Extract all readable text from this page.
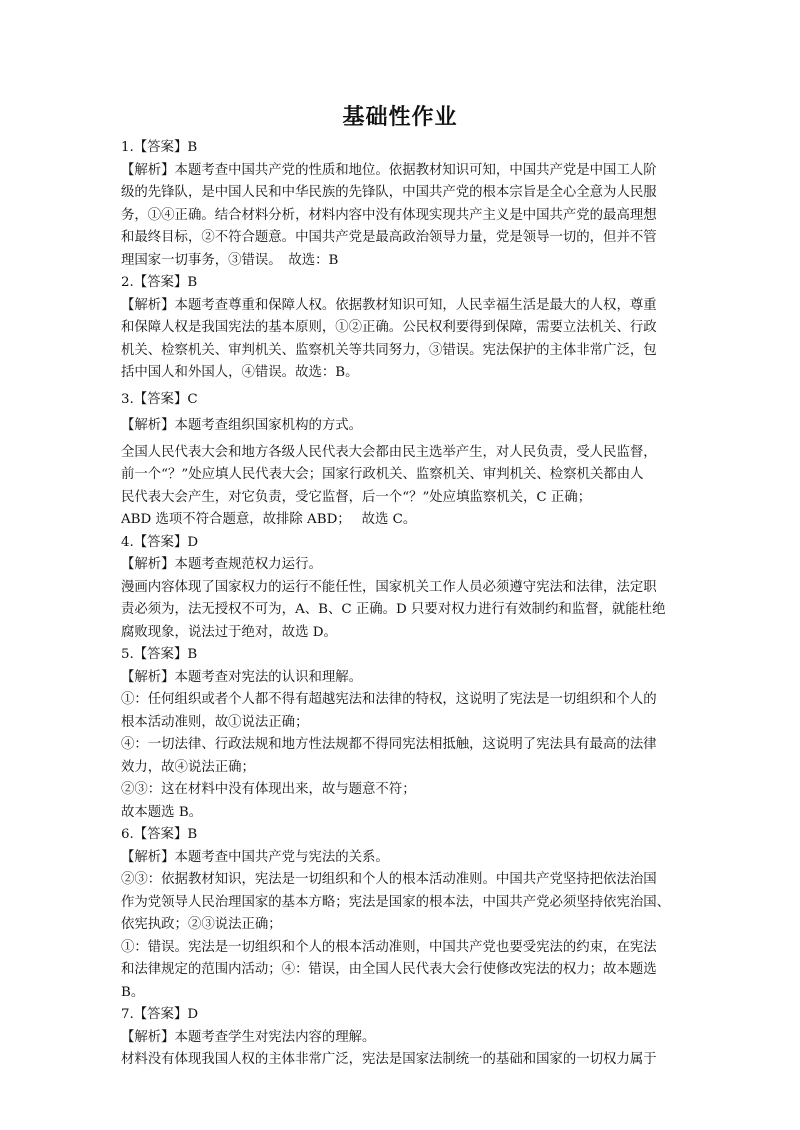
基础性作业
1.【答案】B
【解析】本题考查中国共产党的性质和地位。依据教材知识可知，中国共产党是中国工人阶
级的先锋队，是中国人民和中华民族的先锋队，中国共产党的根本宗旨是全心全意为人民服
务，①④正确。结合材料分析，材料内容中没有体现实现共产主义是中国共产党的最高理想
和最终目标，②不符合题意。中国共产党是最高政治领导力量，党是领导一切的，但并不管
理国家一切事务，③错误。　故选：B
2.【答案】B
【解析】本题考查尊重和保障人权。依据教材知识可知，人民幸福生活是最大的人权，尊重
和保障人权是我国宪法的基本原则，①②正确。公民权利要得到保障，需要立法机关、行政
机关、检察机关、审判机关、监察机关等共同努力，③错误。宪法保护的主体非常广泛，包
括中国人和外国人，④错误。故选：B。
3.【答案】C
【解析】本题考查组织国家机构的方式。
全国人民代表大会和地方各级人民代表大会都由民主选举产生，对人民负责，受人民监督，
前一个“？”处应填人民代表大会；国家行政机关、监察机关、审判机关、检察机关都由人
民代表大会产生，对它负责，受它监督，后一个“？”处应填监察机关，C 正确；
ABD 选项不符合题意，故排除 ABD；　 故选 C。
4.【答案】D
【解析】本题考查规范权力运行。
漫画内容体现了国家权力的运行不能任性，国家机关工作人员必须遵守宪法和法律，法定职
责必须为，法无授权不可为，A、B、C 正确。D 只要对权力进行有效制约和监督，就能杜绝
腐败现象，说法过于绝对，故选 D。
5.【答案】B
【解析】本题考查对宪法的认识和理解。
①：任何组织或者个人都不得有超越宪法和法律的特权，这说明了宪法是一切组织和个人的
根本活动准则，故①说法正确；
④：一切法律、行政法规和地方性法规都不得同宪法相抵触，这说明了宪法具有最高的法律
效力，故④说法正确；
②③：这在材料中没有体现出来，故与题意不符；
故本题选 B。
6.【答案】B
【解析】本题考查中国共产党与宪法的关系。
②③：依据教材知识，宪法是一切组织和个人的根本活动准则。中国共产党坚持把依法治国
作为党领导人民治理国家的基本方略；宪法是国家的根本法，中国共产党必须坚持依宪治国、
依宪执政；②③说法正确；
①：错误。宪法是一切组织和个人的根本活动准则，中国共产党也要受宪法的约束，在宪法
和法律规定的范围内活动；④：错误，由全国人民代表大会行使修改宪法的权力；故本题选
B。
7.【答案】D
【解析】本题考查学生对宪法内容的理解。
材料没有体现我国人权的主体非常广泛，宪法是国家法制统一的基础和国家的一切权力属于
